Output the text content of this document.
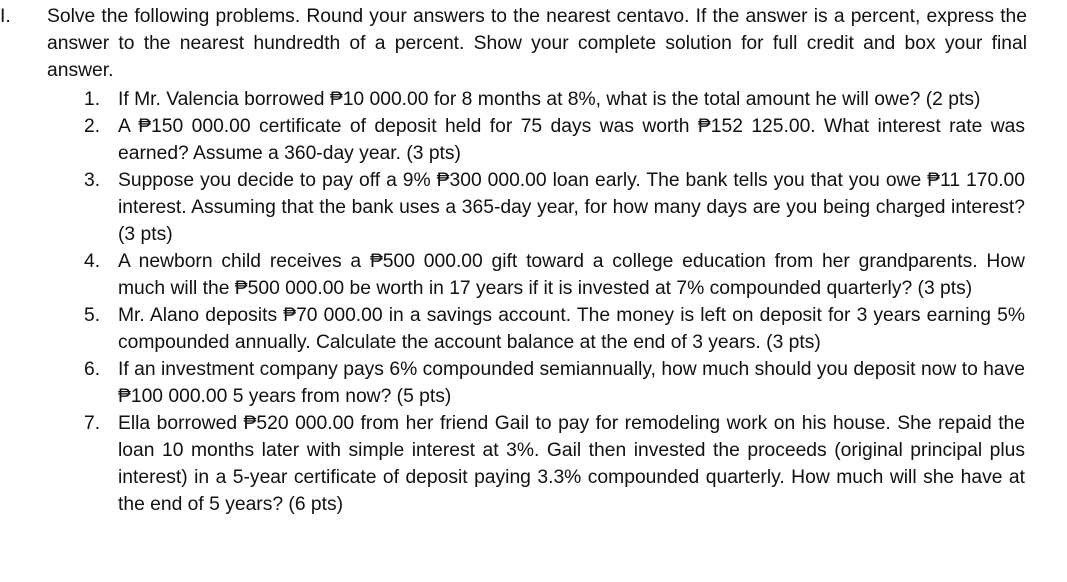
I. Solve the following problems. Round your answers to the nearest centavo. If the answer is a percent, express the answer to the nearest hundredth of a percent. Show your complete solution for full credit and box your final answer.
1. If Mr. Valencia borrowed ₱10 000.00 for 8 months at 8%, what is the total amount he will owe? (2 pts)
2. A ₱150 000.00 certificate of deposit held for 75 days was worth ₱152 125.00. What interest rate was earned? Assume a 360-day year. (3 pts)
3. Suppose you decide to pay off a 9% ₱300 000.00 loan early. The bank tells you that you owe ₱11 170.00 interest. Assuming that the bank uses a 365-day year, for how many days are you being charged interest? (3 pts)
4. A newborn child receives a ₱500 000.00 gift toward a college education from her grandparents. How much will the ₱500 000.00 be worth in 17 years if it is invested at 7% compounded quarterly? (3 pts)
5. Mr. Alano deposits ₱70 000.00 in a savings account. The money is left on deposit for 3 years earning 5% compounded annually. Calculate the account balance at the end of 3 years. (3 pts)
6. If an investment company pays 6% compounded semiannually, how much should you deposit now to have ₱100 000.00 5 years from now? (5 pts)
7. Ella borrowed ₱520 000.00 from her friend Gail to pay for remodeling work on his house. She repaid the loan 10 months later with simple interest at 3%. Gail then invested the proceeds (original principal plus interest) in a 5-year certificate of deposit paying 3.3% compounded quarterly. How much will she have at the end of 5 years? (6 pts)
